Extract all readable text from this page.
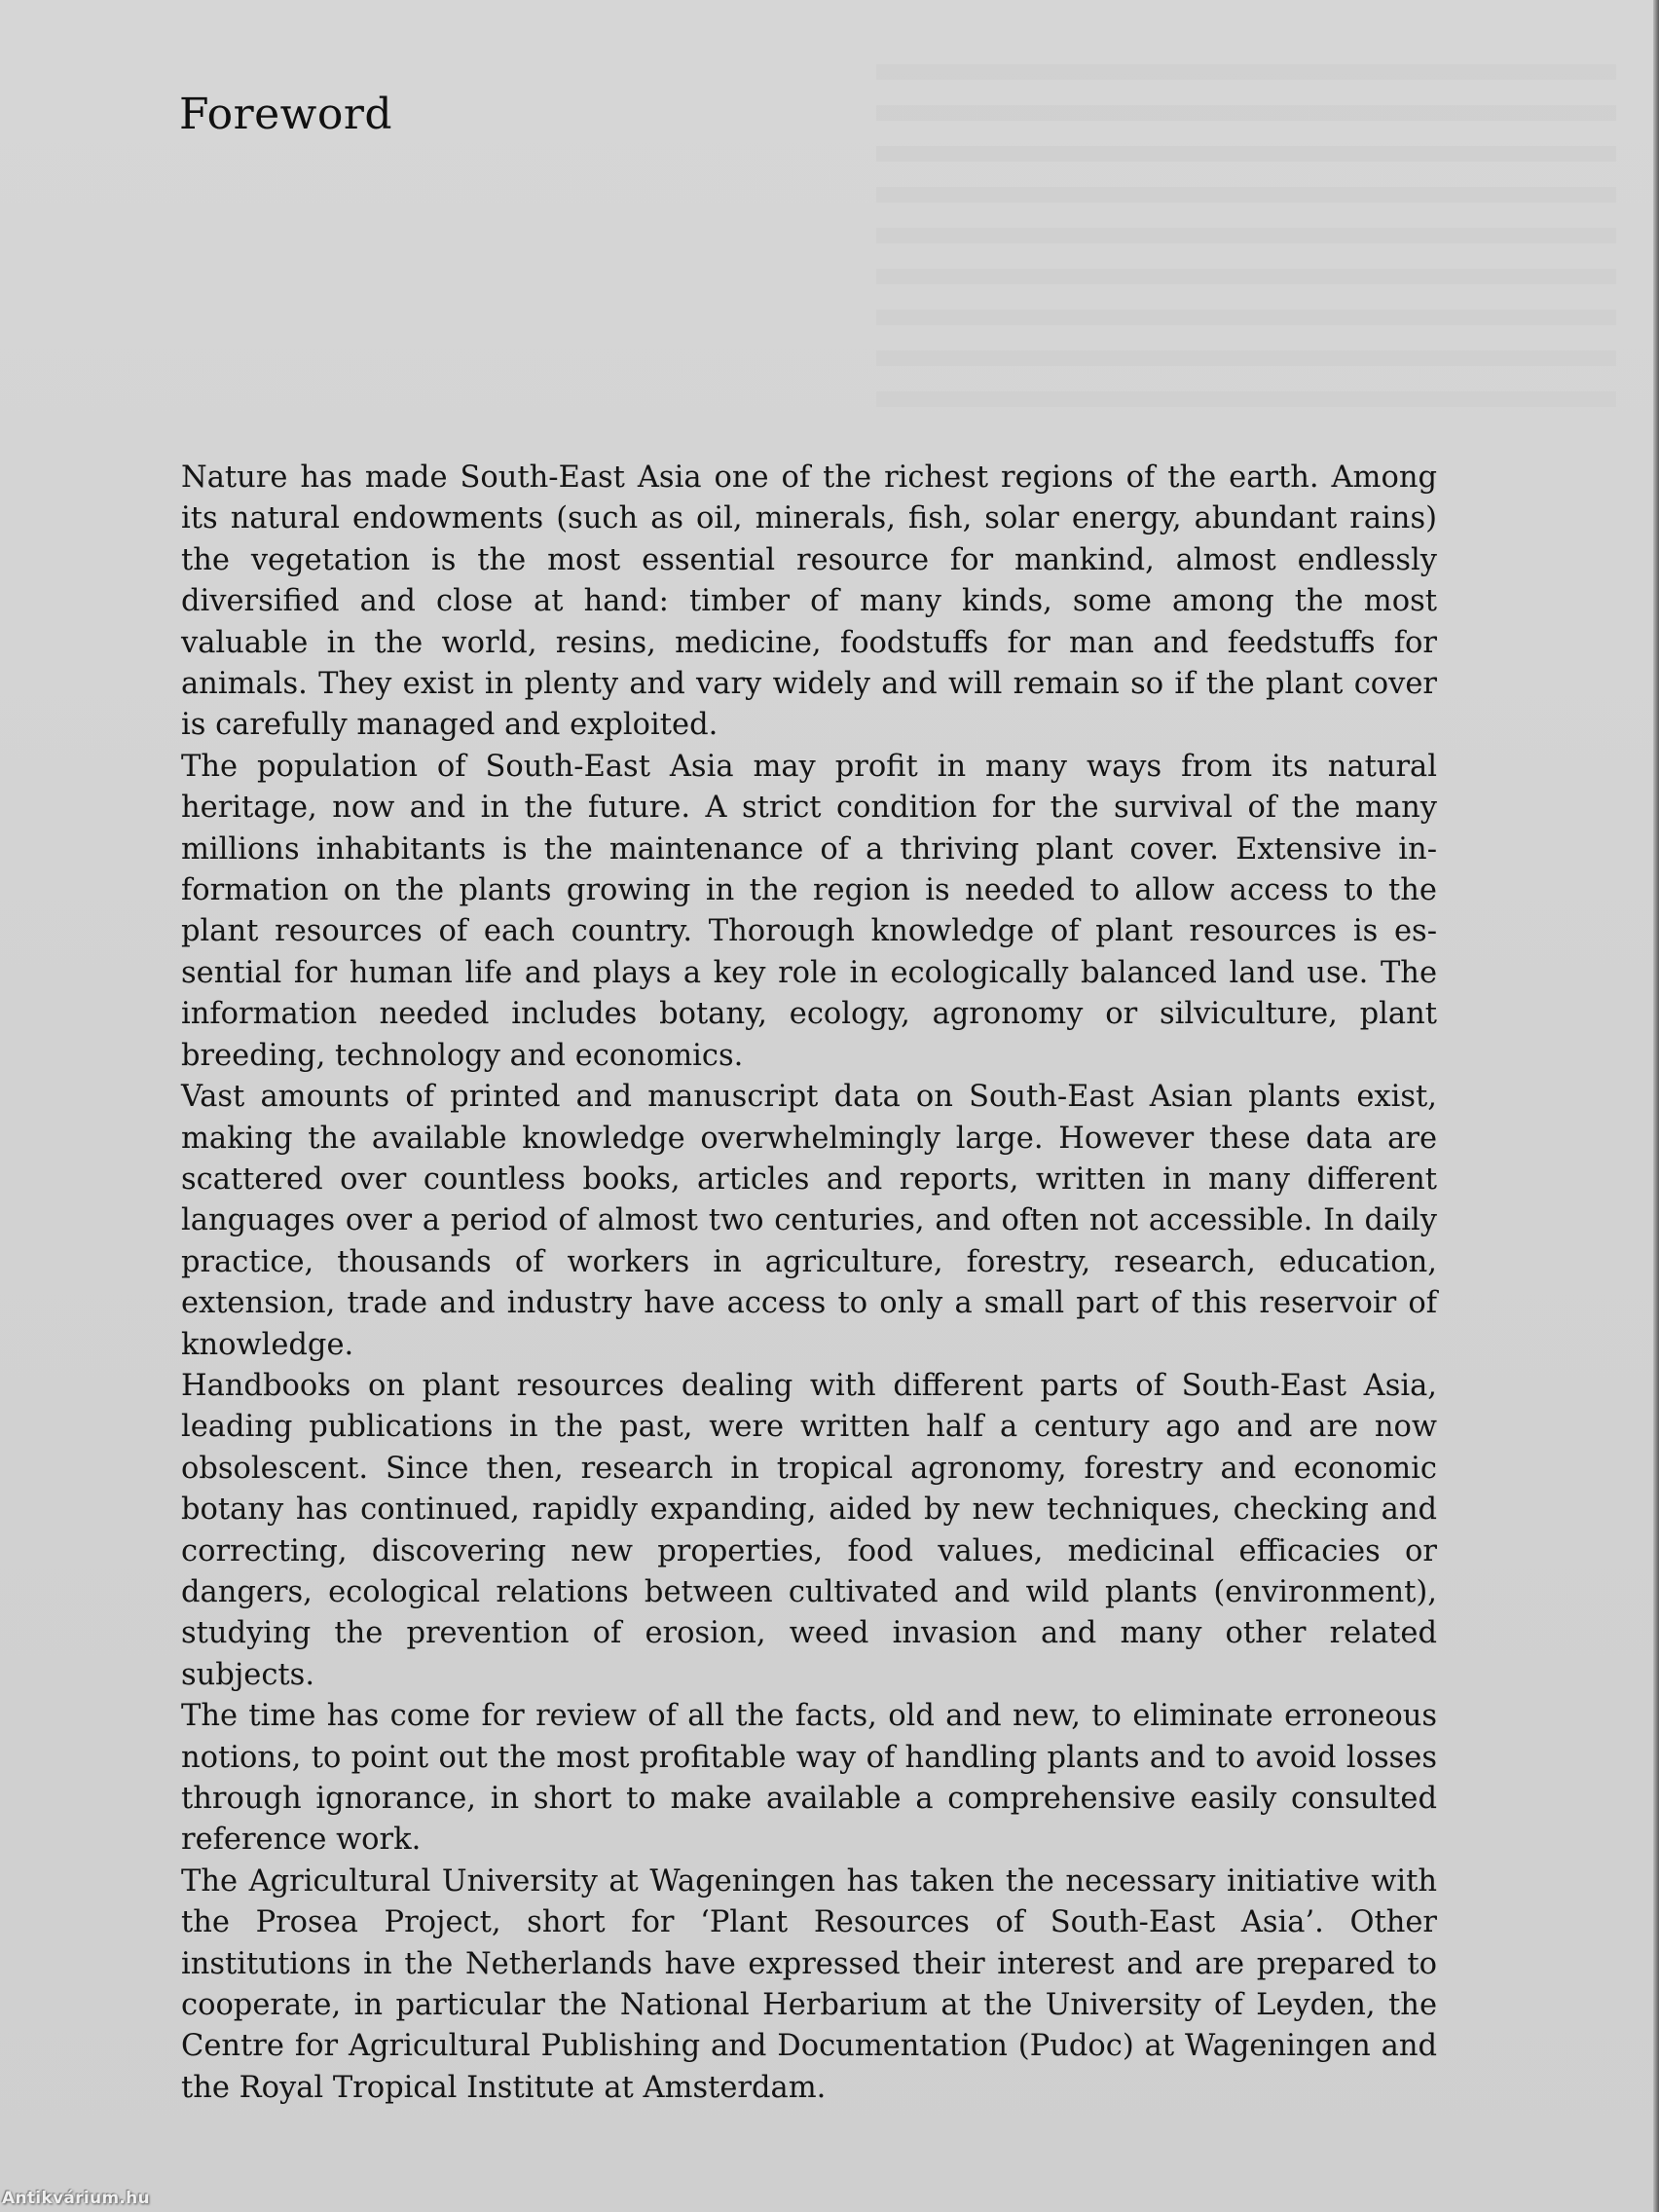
Foreword

Nature has made South-East Asia one of the richest regions of the earth. Among its natural endowments (such as oil, minerals, fish, solar energy, abundant rains) the vegetation is the most essential resource for mankind, almost endlessly diversified and close at hand: timber of many kinds, some among the most valuable in the world, resins, medicine, foodstuffs for man and feedstuffs for animals. They exist in plenty and vary widely and will remain so if the plant cover is carefully managed and exploited.

The population of South-East Asia may profit in many ways from its natural heritage, now and in the future. A strict condition for the survival of the many millions inhabitants is the maintenance of a thriving plant cover. Extensive information on the plants growing in the region is needed to allow access to the plant resources of each country. Thorough knowledge of plant resources is essential for human life and plays a key role in ecologically balanced land use. The information needed includes botany, ecology, agronomy or silviculture, plant breeding, technology and economics.

Vast amounts of printed and manuscript data on South-East Asian plants exist, making the available knowledge overwhelmingly large. However these data are scattered over countless books, articles and reports, written in many different languages over a period of almost two centuries, and often not accessible. In daily practice, thousands of workers in agriculture, forestry, research, education, extension, trade and industry have access to only a small part of this reservoir of knowledge.

Handbooks on plant resources dealing with different parts of South-East Asia, leading publications in the past, were written half a century ago and are now obsolescent. Since then, research in tropical agronomy, forestry and economic botany has continued, rapidly expanding, aided by new techniques, checking and correcting, discovering new properties, food values, medicinal efficacies or dangers, ecological relations between cultivated and wild plants (environment), studying the prevention of erosion, weed invasion and many other related subjects.

The time has come for review of all the facts, old and new, to eliminate erroneous notions, to point out the most profitable way of handling plants and to avoid losses through ignorance, in short to make available a comprehensive easily consulted reference work.

The Agricultural University at Wageningen has taken the necessary initiative with the Prosea Project, short for ‘Plant Resources of South-East Asia’. Other institutions in the Netherlands have expressed their interest and are prepared to cooperate, in particular the National Herbarium at the University of Leyden, the Centre for Agricultural Publishing and Documentation (Pudoc) at Wageningen and the Royal Tropical Institute at Amsterdam.

Antikvárium.hu
